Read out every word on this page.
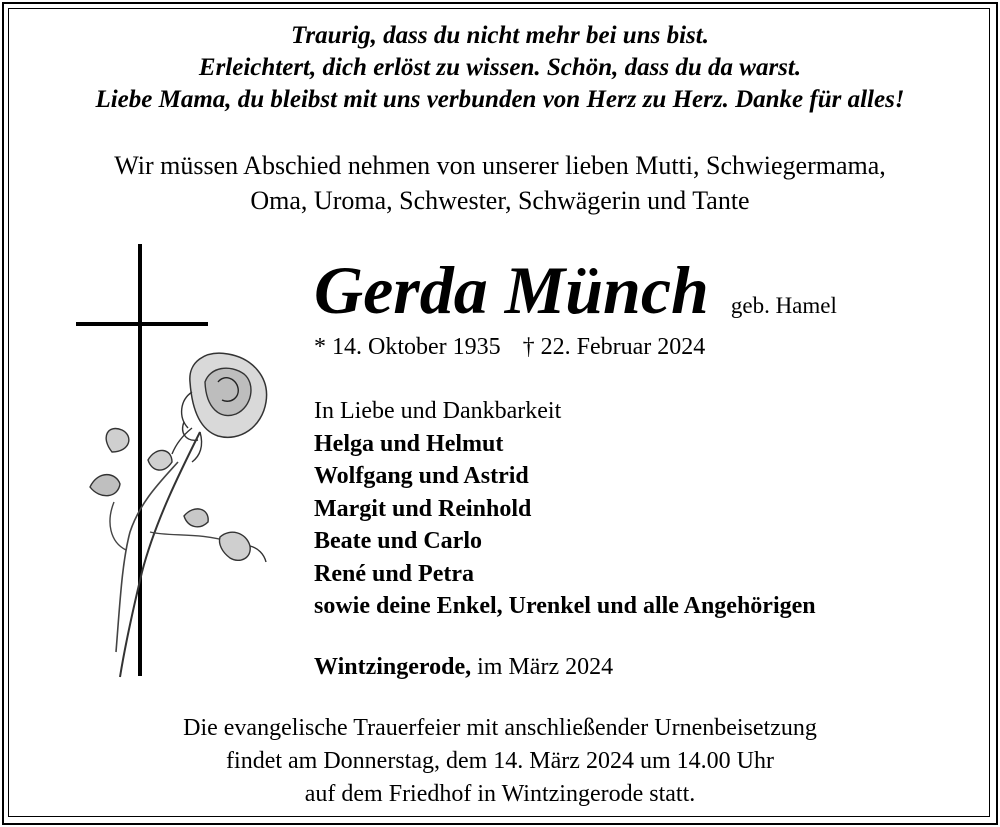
Traurig, dass du nicht mehr bei uns bist.
Erleichtert, dich erlöst zu wissen. Schön, dass du da warst.
Liebe Mama, du bleibst mit uns verbunden von Herz zu Herz. Danke für alles!
Wir müssen Abschied nehmen von unserer lieben Mutti, Schwiegermama,
Oma, Uroma, Schwester, Schwägerin und Tante
Gerda Münch geb. Hamel
* 14. Oktober 1935 † 22. Februar 2024
In Liebe und Dankbarkeit
Helga und Helmut
Wolfgang und Astrid
Margit und Reinhold
Beate und Carlo
René und Petra
sowie deine Enkel, Urenkel und alle Angehörigen
Wintzingerode, im März 2024
Die evangelische Trauerfeier mit anschließender Urnenbeisetzung
findet am Donnerstag, dem 14. März 2024 um 14.00 Uhr
auf dem Friedhof in Wintzingerode statt.
